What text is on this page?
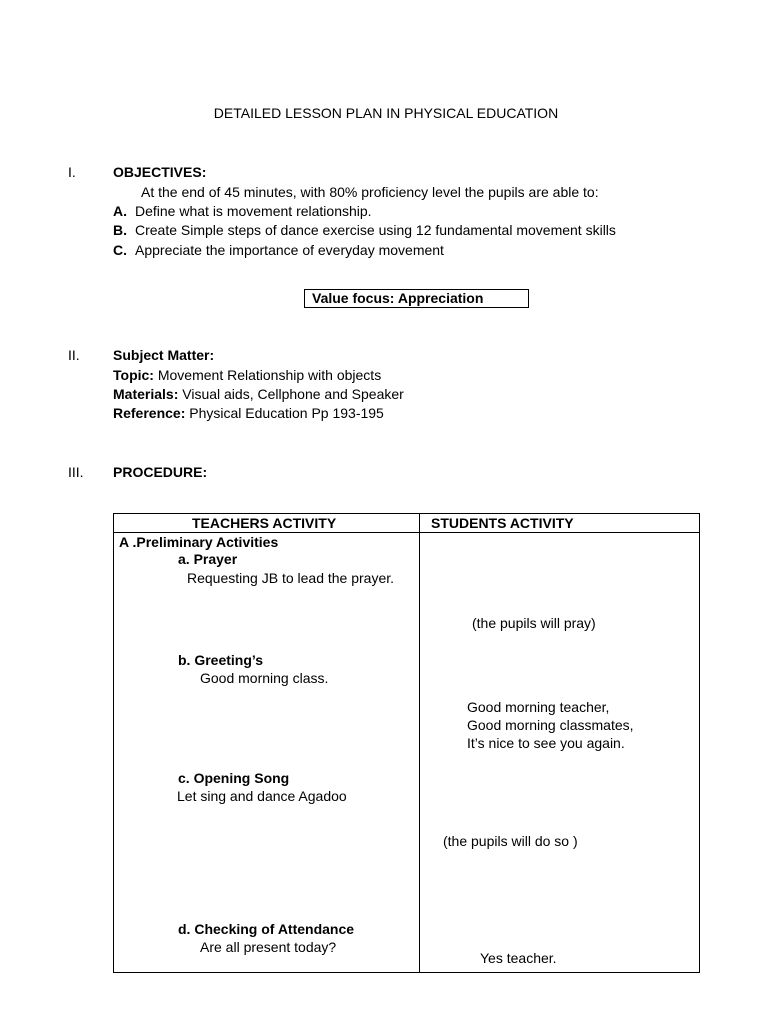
DETAILED LESSON PLAN IN PHYSICAL EDUCATION
I.	OBJECTIVES:
At the end of 45 minutes, with 80% proficiency level the pupils are able to:
A. Define what is movement relationship.
B. Create Simple steps of dance exercise using 12 fundamental movement skills
C. Appreciate the importance of everyday movement
Value focus: Appreciation
II. Subject Matter:
Topic: Movement Relationship with objects
Materials: Visual aids, Cellphone and Speaker
Reference: Physical Education Pp 193-195
III. PROCEDURE:
TEACHERS ACTIVITY	STUDENTS ACTIVITY
A .Preliminary Activities
a. Prayer
Requesting JB to lead the prayer.
(the pupils will pray)
b. Greeting’s
Good morning class.
Good morning teacher,
Good morning classmates,
It’s nice to see you again.
c. Opening Song
Let sing and dance Agadoo
(the pupils will do so )
d. Checking of Attendance
Are all present today?
Yes teacher.
